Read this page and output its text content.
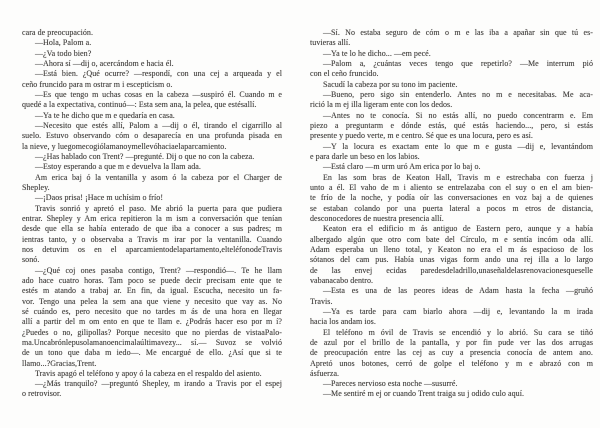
cara de preocupación.
—Hola, Palom a.
—¿Va todo bien?
—Ahora sí —dij o, acercándom e hacia él.
—Está bien. ¿Qué ocurre? —respondí, con una cej a arqueada y el
ceño fruncido para m ostrar m i escepticism o.
—Es que tengo m uchas cosas en la cabeza —suspiró él. Cuando m e
quedé a la expectativa, continuó—: Esta sem ana, la pelea, que estésallí.
—Ya te he dicho que m e quedaría en casa.
—Necesito que estés allí, Palom a —dij o él, tirando el cigarrillo al
suelo. Estuvo observando cóm o desaparecía en una profunda pisada en
la nieve, y luegomecogiólamanoymellevóhaciaelaparcamiento.
—¿Has hablado con Trent? —pregunté. Dij o que no con la cabeza.
—Estoy esperando a que m e devuelva la llam ada.
Am erica baj ó la ventanilla y asom ó la cabeza por el Charger de
Shepley.
—¡Daos prisa! ¡Hace m uchísim o frío!
Travis sonrió y apretó el paso. Me abrió la puerta para que pudiera
entrar. Shepley y Am erica repitieron la m ism a conversación que tenían
desde que ella se había enterado de que iba a conocer a sus padres; m
ientras tanto, y o observaba a Travis m irar por la ventanilla. Cuando
nos detuvim os en el aparcamientodelapartamento,elteléfonodeTravis
sonó.
—¿Qué coj ones pasaba contigo, Trent? —respondió—. Te he llam
ado hace cuatro horas. Tam poco se puede decir precisam ente que te
estés m atando a trabaj ar. En fin, da igual. Escucha, necesito un fa-
vor. Tengo una pelea la sem ana que viene y necesito que vay as. No
sé cuándo es, pero necesito que no tardes m ás de una hora en llegar
allí a partir del m om ento en que te llam e. ¿Podrás hacer eso por m í?
¿Puedes o no, gilipollas? Porque necesito que no pierdas de vistaaPalo-
ma.Uncabrónlepusolamanoencimalaúltimavezy... sí.— Suvoz se volvió
de un tono que daba m iedo—. Me encargué de ello. ¿Así que si te
llamo...?Gracias,Trent.
Travis apagó el teléfono y apoy ó la cabeza en el respaldo del asiento.
—¿Más tranquilo? —preguntó Shepley, m irando a Travis por el espej
o retrovisor.
—Sí. No estaba seguro de cóm o m e las iba a apañar sin que tú es-
tuvieras allí.
—Ya te lo he dicho... —em pecé.
—Palom a, ¿cuántas veces tengo que repetirlo? —Me interrum pió
con el ceño fruncido.
Sacudí la cabeza por su tono im paciente.
—Bueno, pero sigo sin entenderlo. Antes no m e necesitabas. Me aca-
rició la m ej illa ligeram ente con los dedos.
—Antes no te conocía. Si no estás allí, no puedo concentrarm e. Em
piezo a preguntarm e dónde estás, qué estás haciendo..., pero, si estás
presente y puedo verte, m e centro. Sé que es una locura, pero es así.
—Y la locura es exactam ente lo que m e gusta —dij e, levantándom
e para darle un beso en los labios.
—Está claro —m urm uró Am erica por lo baj o.
En las som bras de Keaton Hall, Travis m e estrechaba con fuerza j
unto a él. El vaho de m i aliento se entrelazaba con el suy o en el am bien-
te frío de la noche, y podía oír las conversaciones en voz baj a de quienes
se estaban colando por una puerta lateral a pocos m etros de distancia,
desconocedores de nuestra presencia allí.
Keaton era el edificio m ás antiguo de Eastern pero, aunque y a había
albergado algún que otro com bate del Círculo, m e sentía incóm oda allí.
Adam esperaba un lleno total, y Keaton no era el m ás espacioso de los
sótanos del cam pus. Había unas vigas form ando una rej illa a lo largo
de las envej ecidas paredesdeladrillo,unaseñaldelasrenovacionesqueselle
vabanacabo dentro.
—Esta es una de las peores ideas de Adam hasta la fecha —gruñó
Travis.
—Ya es tarde para cam biarlo ahora —dij e, levantando la m irada
hacia los andam ios.
El teléfono m óvil de Travis se encendió y lo abrió. Su cara se tiñó
de azul por el brillo de la pantalla, y por fin pude ver las dos arrugas
de preocupación entre las cej as cuy a presencia conocía de antem ano.
Apretó unos botones, cerró de golpe el teléfono y m e abrazó con m
ásfuerza.
—Pareces nervioso esta noche —susurré.
—Me sentiré m ej or cuando Trent traiga su j odido culo aquí.
